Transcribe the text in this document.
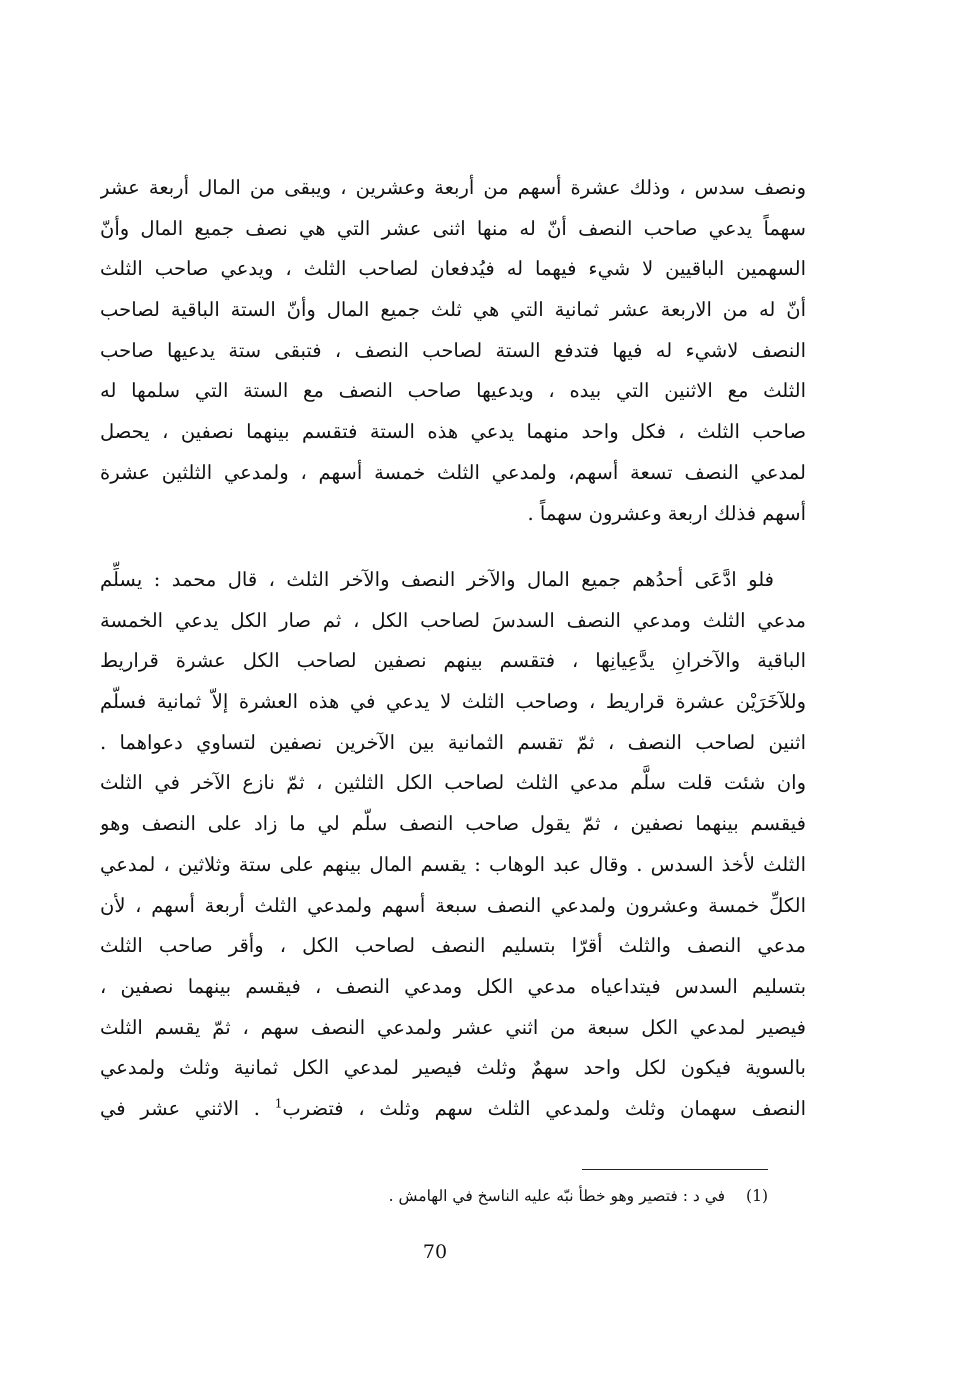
ونصف سدس ، وذلك عشرة أسهم من أربعة وعشرين ، ويبقى من المال أربعة عشر
سهماً يدعي صاحب النصف أنّ له منها اثنى عشر التي هي نصف جميع المال وأنّ
السهمين الباقيين لا شيء فيهما له فيُدفعان لصاحب الثلث ، ويدعي صاحب الثلث
أنّ له من الاربعة عشر ثمانية التي هي ثلث جميع المال وأنّ الستة الباقية لصاحب
النصف لاشيء له فيها فتدفع الستة لصاحب النصف ، فتبقى ستة يدعيها صاحب
الثلث مع الاثنين التي بيده ، ويدعيها صاحب النصف مع الستة التي سلمها له
صاحب الثلث ، فكل واحد منهما يدعي هذه الستة فتقسم بينهما نصفين ، يحصل
لمدعي النصف تسعة أسهم، ولمدعي الثلث خمسة أسهم ، ولمدعي الثلثين عشرة
أسهم فذلك اربعة وعشرون سهماً .
فلو ادَّعَى أحدُهم جميع المال والآخر النصف والآخر الثلث ، قال محمد : يسلِّم
مدعي الثلث ومدعي النصف السدسَ لصاحب الكل ، ثم صار الكل يدعي الخمسة
الباقية والآخرانِ يدَّعِيانِها ، فتقسم بينهم نصفين لصاحب الكل عشرة قراريط
وللآخَرَيْن عشرة قراريط ، وصاحب الثلث لا يدعي في هذه العشرة إلاّ ثمانية فسلّم
اثنين لصاحب النصف ، ثمّ تقسم الثمانية بين الآخرين نصفين لتساوي دعواهما .
وان شئت قلت سلَّم مدعي الثلث لصاحب الكل الثلثين ، ثمّ نازع الآخر في الثلث
فيقسم بينهما نصفين ، ثمّ يقول صاحب النصف سلّم لي ما زاد على النصف وهو
الثلث لأخذ السدس . وقال عبد الوهاب : يقسم المال بينهم على ستة وثلاثين ، لمدعي
الكلِّ خمسة وعشرون ولمدعي النصف سبعة أسهم ولمدعي الثلث أربعة أسهم ، لأن
مدعي النصف والثلث أقرّا بتسليم النصف لصاحب الكل ، وأقر صاحب الثلث
بتسليم السدس فيتداعياه مدعي الكل ومدعي النصف ، فيقسم بينهما نصفين ،
فيصير لمدعي الكل سبعة من اثني عشر ولمدعي النصف سهم ، ثمّ يقسم الثلث
بالسوية فيكون لكل واحد سهمٌ وثلث فيصير لمدعي الكل ثمانية وثلث ولمدعي
النصف سهمان وثلث ولمدعي الثلث سهم وثلث ، فتضرب$^1$ . الاثني عشر في
(1) في د : فتصير وهو خطأ نبّه عليه الناسخ في الهامش .
70
